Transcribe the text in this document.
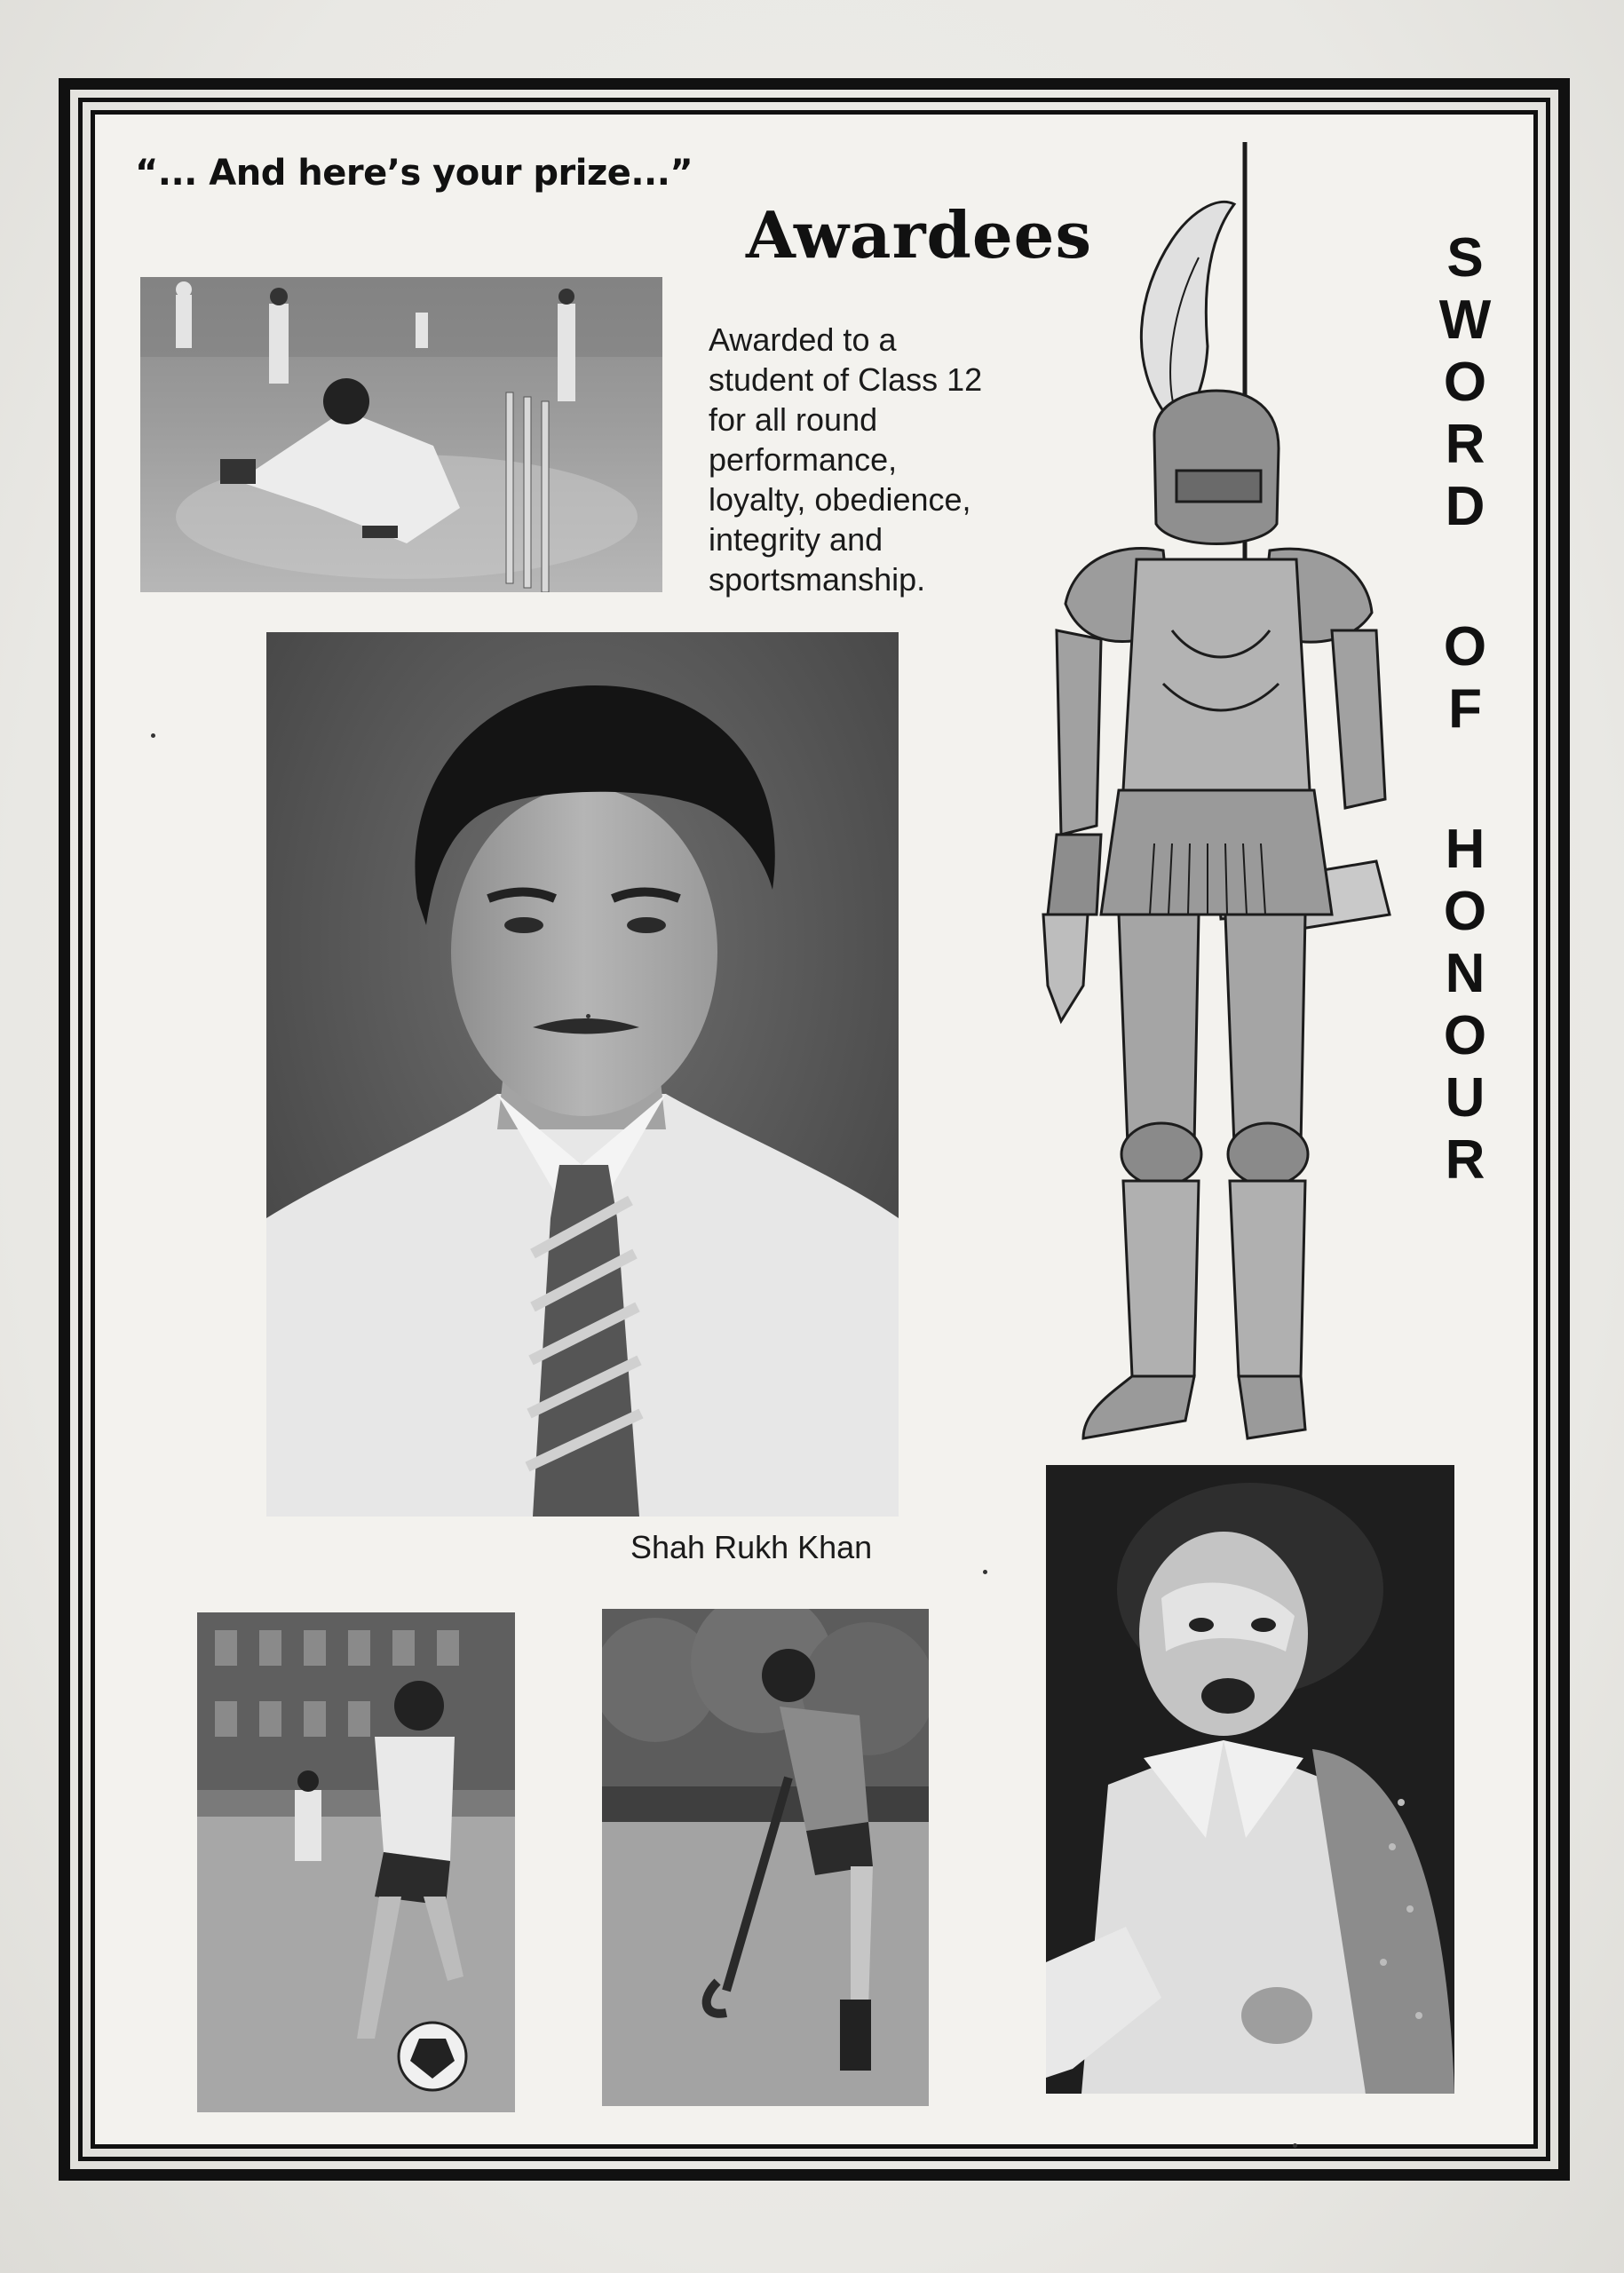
“... And here’s your prize...”
Awardees
Awarded to a
student of Class 12
for all round
performance,
loyalty, obedience,
integrity and
sportsmanship.
Shah Rukh Khan
S
W
O
R
D
O
F
H
O
N
O
U
R
